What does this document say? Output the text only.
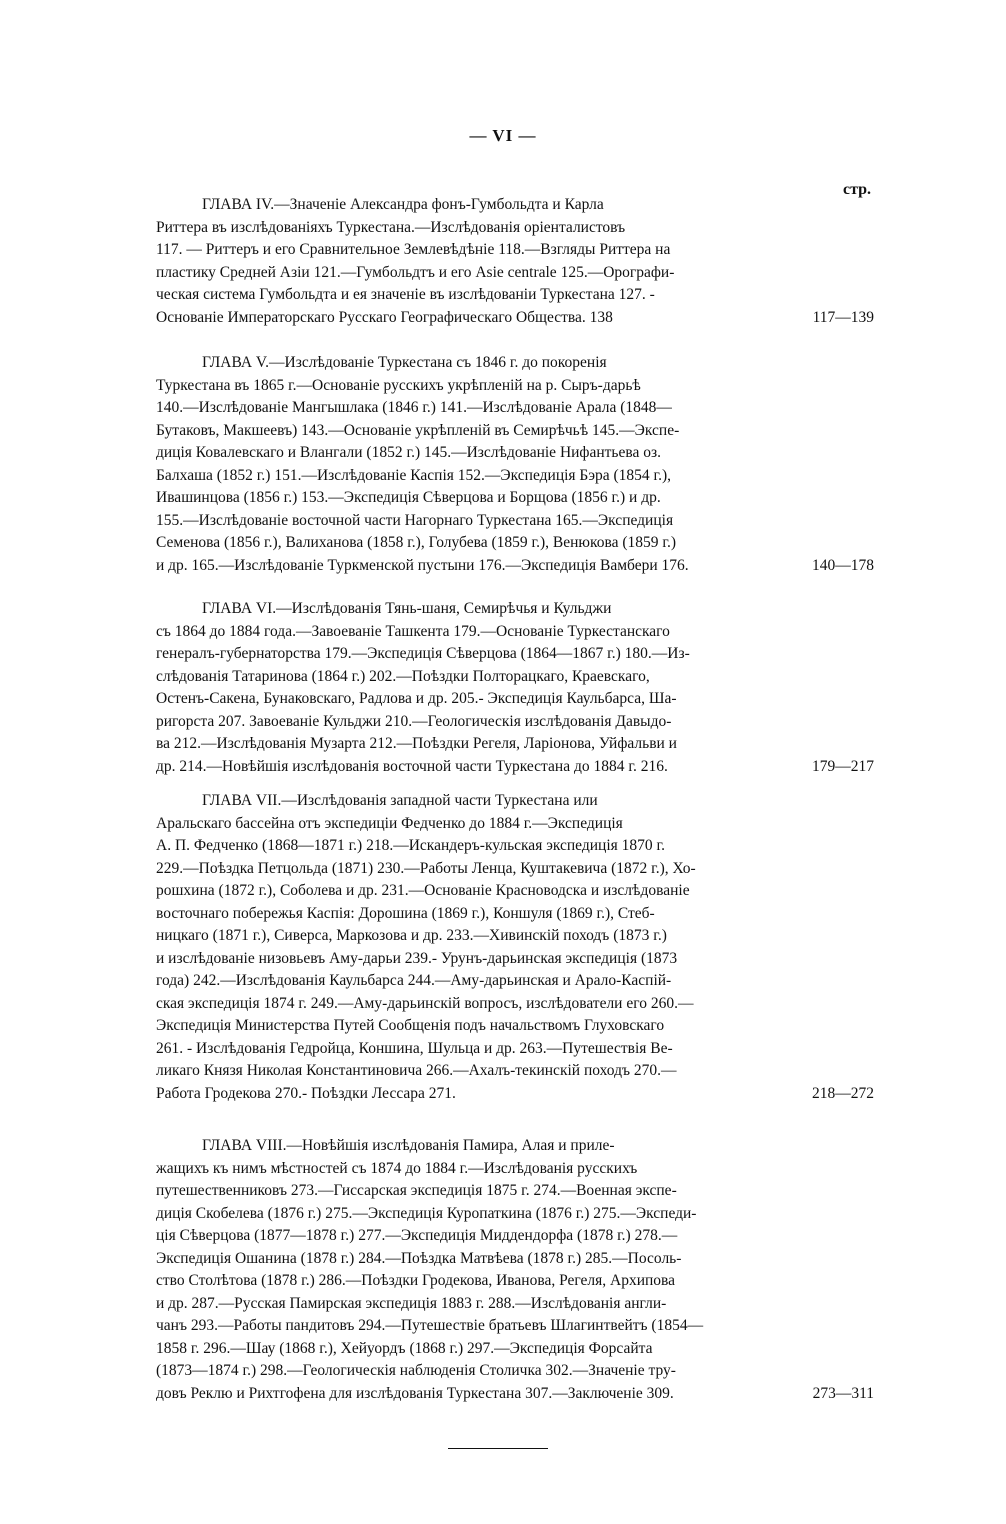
— VI —
стр.
ГЛАВА IV.—Значеніе Александра фонъ-Гумбольдта и Карла
Риттера въ изслѣдованіяхъ Туркестана.—Изслѣдованія оріенталистовъ
117. — Риттеръ и его Сравнительное Землевѣдѣніе 118.—Взгляды Риттера на
пластику Средней Азіи 121.—Гумбольдтъ и его Asie centrale 125.—Орографи-
ческая система Гумбольдта и ея значеніе въ изслѣдованіи Туркестана 127. -
Основаніе Императорскаго Русскаго Географическаго Общества. 138	117—139
ГЛАВА V.—Изслѣдованіе Туркестана съ 1846 г. до покоренія
Туркестана въ 1865 г.—Основаніе русскихъ укрѣпленій на р. Сыръ-дарьѣ
140.—Изслѣдованіе Мангышлака (1846 г.) 141.—Изслѣдованіе Арала (1848—
Бутаковъ, Макшеевъ) 143.—Основаніе укрѣпленій въ Семирѣчьѣ 145.—Экспе-
диція Ковалевскаго и Влангали (1852 г.) 145.—Изслѣдованіе Нифантьева оз.
Балхаша (1852 г.) 151.—Изслѣдованіе Каспія 152.—Экспедиція Бэра (1854 г.),
Ивашинцова (1856 г.) 153.—Экспедиція Сѣверцова и Борщова (1856 г.) и др.
155.—Изслѣдованіе восточной части Нагорнаго Туркестана 165.—Экспедиція
Семенова (1856 г.), Валиханова (1858 г.), Голубева (1859 г.), Венюкова (1859 г.)
и др. 165.—Изслѣдованіе Туркменской пустыни 176.—Экспедиція Вамбери 176.	140—178
ГЛАВА VI.—Изслѣдованія Тянь-шаня, Семирѣчья и Кульджи
съ 1864 до 1884 года.—Завоеваніе Ташкента 179.—Основаніе Туркестанскаго
генералъ-губернаторства 179.—Экспедиція Сѣверцова (1864—1867 г.) 180.—Из-
слѣдованія Татаринова (1864 г.) 202.—Поѣздки Полторацкаго, Краевскаго,
Остенъ-Сакена, Бунаковскаго, Радлова и др. 205.- Экспедиція Каульбарса, Ша-
ригорста 207. Завоеваніе Кульджи 210.—Геологическія изслѣдованія Давыдо-
ва 212.—Изслѣдованія Музарта 212.—Поѣздки Регеля, Ларіонова, Уйфальви и
др. 214.—Новѣйшія изслѣдованія восточной части Туркестана до 1884 г. 216.	179—217
ГЛАВА VII.—Изслѣдованія западной части Туркестана или
Аральскаго бассейна отъ экспедиціи Федченко до 1884 г.—Экспедиція
А. П. Федченко (1868—1871 г.) 218.—Искандеръ-кульская экспедиція 1870 г.
229.—Поѣздка Петцольда (1871) 230.—Работы Ленца, Куштакевича (1872 г.), Хо-
рошхина (1872 г.), Соболева и др. 231.—Основаніе Красноводска и изслѣдованіе
восточнаго побережья Каспія: Дорошина (1869 г.), Коншуля (1869 г.), Стеб-
ницкаго (1871 г.), Сиверса, Маркозова и др. 233.—Хивинскій походъ (1873 г.)
и изслѣдованіе низовьевъ Аму-дарьи 239.- Урунъ-дарьинская экспедиція (1873
года) 242.—Изслѣдованія Каульбарса 244.—Аму-дарьинская и Арало-Каспій-
ская экспедиція 1874 г. 249.—Аму-дарьинскій вопросъ, изслѣдователи его 260.—
Экспедиція Министерства Путей Сообщенія подъ начальствомъ Глуховскаго
261. - Изслѣдованія Гедройца, Коншина, Шульца и др. 263.—Путешествія Ве-
ликаго Князя Николая Константиновича 266.—Ахалъ-текинскій походъ 270.—
Работа Гродекова 270.- Поѣздки Лессара 271.	218—272
ГЛАВА VIII.—Новѣйшія изслѣдованія Памира, Алая и приле-
жащихъ къ нимъ мѣстностей съ 1874 до 1884 г.—Изслѣдованія русскихъ
путешественниковъ 273.—Гиссарская экспедиція 1875 г. 274.—Военная экспе-
диція Скобелева (1876 г.) 275.—Экспедиція Куропаткина (1876 г.) 275.—Экспеди-
ція Сѣверцова (1877—1878 г.) 277.—Экспедиція Миддендорфа (1878 г.) 278.—
Экспедиція Ошанина (1878 г.) 284.—Поѣздка Матвѣева (1878 г.) 285.—Посоль-
ство Столѣтова (1878 г.) 286.—Поѣздки Гродекова, Иванова, Регеля, Архипова
и др. 287.—Русская Памирская экспедиція 1883 г. 288.—Изслѣдованія англи-
чанъ 293.—Работы пандитовъ 294.—Путешествіе братьевъ Шлагинтвейтъ (1854—
1858 г. 296.—Шау (1868 г.), Хейуордъ (1868 г.) 297.—Экспедиція Форсайта
(1873—1874 г.) 298.—Геологическія наблюденія Столичка 302.—Значеніе тру-
довъ Реклю и Рихтгофена для изслѣдованія Туркестана 307.—Заключеніе 309.	273—311
